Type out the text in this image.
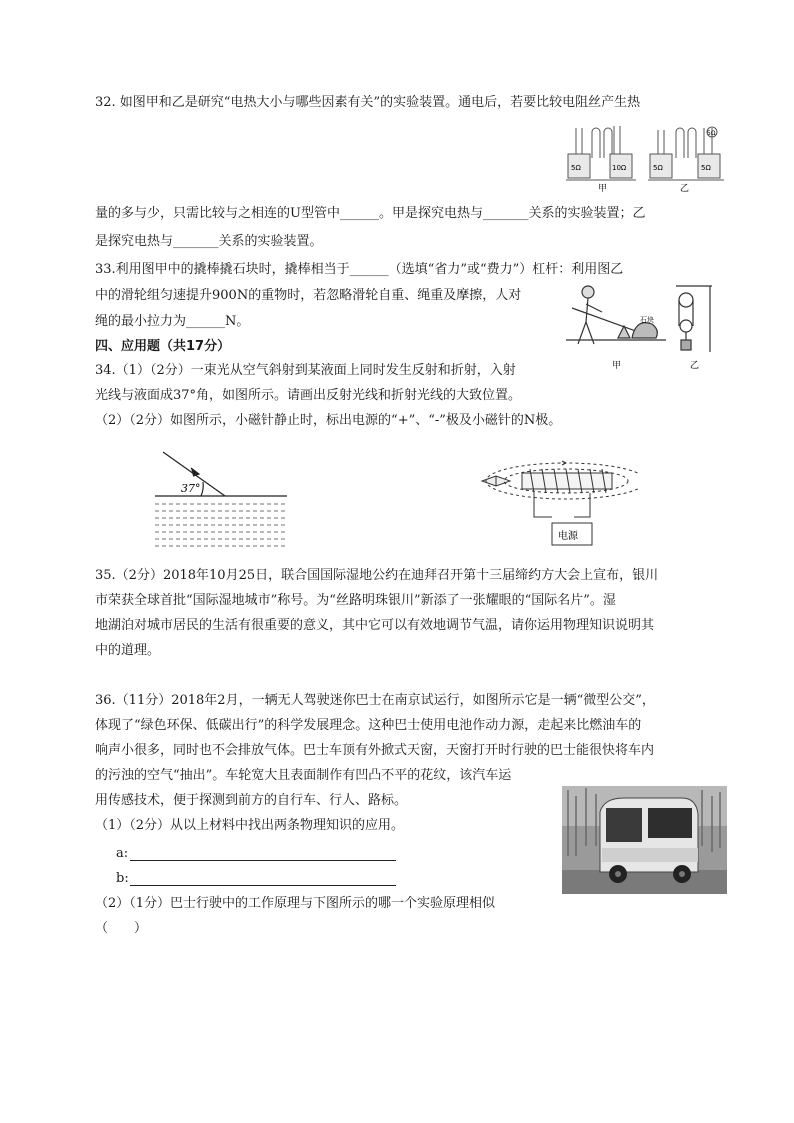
32. 如图甲和乙是研究“电热大小与哪些因素有关”的实验装置。通电后，若要比较电阻丝产生热
5Ω	10Ω	5Ω	5Ω
5Ω
甲	乙
量的多与少，只需比较与之相连的U型管中______。甲是探究电热与_______关系的实验装置；乙
是探究电热与_______关系的实验装置。
33.利用图甲中的撬棒撬石块时，撬棒相当于______（选填“省力”或“费力”）杠杆：利用图乙
中的滑轮组匀速提升900N的重物时，若忽略滑轮自重、绳重及摩擦，人对
绳的最小拉力为______N。	石块
甲	乙
四、应用题（共17分）
34.（1）（2分）一束光从空气斜射到某液面上同时发生反射和折射，入射
光线与液面成37°角，如图所示。请画出反射光线和折射光线的大致位置。
（2）（2分）如图所示，小磁针静止时，标出电源的“+”、“-”极及小磁针的N极。
37°
电源
35.（2分）2018年10月25日，联合国国际湿地公约在迪拜召开第十三届缔约方大会上宣布，银川
市荣获全球首批“国际湿地城市”称号。为“丝路明珠银川”新添了一张耀眼的“国际名片”。湿
地湖泊对城市居民的生活有很重要的意义，其中它可以有效地调节气温，请你运用物理知识说明其
中的道理。
36.（11分）2018年2月，一辆无人驾驶迷你巴士在南京试运行，如图所示它是一辆“微型公交”，
体现了“绿色环保、低碳出行”的科学发展理念。这种巴士使用电池作动力源，走起来比燃油车的
响声小很多，同时也不会排放气体。巴士车顶有外掀式天窗，天窗打开时行驶的巴士能很快将车内
的污浊的空气“抽出”。车轮宽大且表面制作有凹凸不平的花纹，该汽车运
用传感技术，便于探测到前方的自行车、行人、路标。
（1）（2分）从以上材料中找出两条物理知识的应用。
a:
b:
（2）（1分）巴士行驶中的工作原理与下图所示的哪一个实验原理相似
（　　）
